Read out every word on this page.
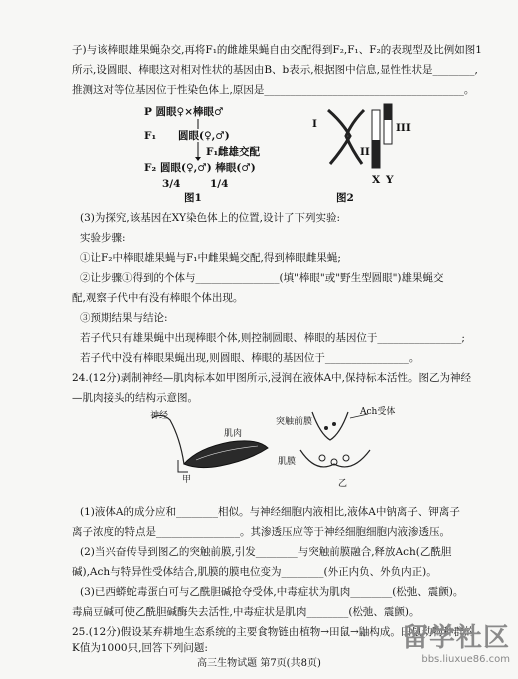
子)与该棒眼雄果蝇杂交,再将F₁的雌雄果蝇自由交配得到F₂,F₁、F₂的表现型及比例如图1
所示,设圆眼、棒眼这对相对性状的基因由B、b表示,根据图中信息,显性性状是________,
推测这对等位基因位于性染色体上,原因是______________________________________。
P 圆眼♀×棒眼♂
F₁ 圆眼(♀,♂)
F₁雌雄交配
F₂ 圆眼(♀,♂) 棒眼(♂)
3/4	1/4
图1
I
II
III
X Y
图2
(3)为探究,该基因在XY染色体上的位置,设计了下列实验:
实验步骤:
①让F₂中棒眼雄果蝇与F₁中雌果蝇交配,得到棒眼雌果蝇;
②让步骤①得到的个体与________________(填"棒眼"或"野生型圆眼")雄果蝇交
配,观察子代中有没有棒眼个体出现。
③预期结果与结论:
若子代只有雄果蝇中出现棒眼个体,则控制圆眼、棒眼的基因位于________________;
若子代中没有棒眼果蝇出现,则圆眼、棒眼的基因位于________________。
24.(12分)剥制神经—肌肉标本如甲图所示,浸润在液体A中,保持标本活性。图乙为神经
—肌肉接头的结构示意图。
神经
肌肉
甲
突触前膜
Ach受体
肌膜
乙
(1)液体A的成分应和________相似。与神经细胞内液相比,液体A中钠离子、钾离子
离子浓度的特点是________________。其渗透压应等于神经细胞细胞内液渗透压。
(2)当兴奋传导到图乙的突触前膜,引发________与突触前膜融合,释放Ach(乙酰胆
碱),Ach与特异性受体结合,肌膜的膜电位变为________(外正内负、外负内正)。
(3)已西蟒蛇毒蛋白可与乙酰胆碱抢夺受体,中毒症状为肌肉________(松弛、震颤)。
毒扁豆碱可使乙酰胆碱酶失去活性,中毒症状是肌肉________(松弛、震颤)。
25.(12分)假设某弃耕地生态系统的主要食物链由植物→田鼠→鼬构成。田鼠动物种群的
K值为1000只,回答下列问题:
高三生物试题 第7页(共8页)
留学社区
bbs.liuxue86.com
